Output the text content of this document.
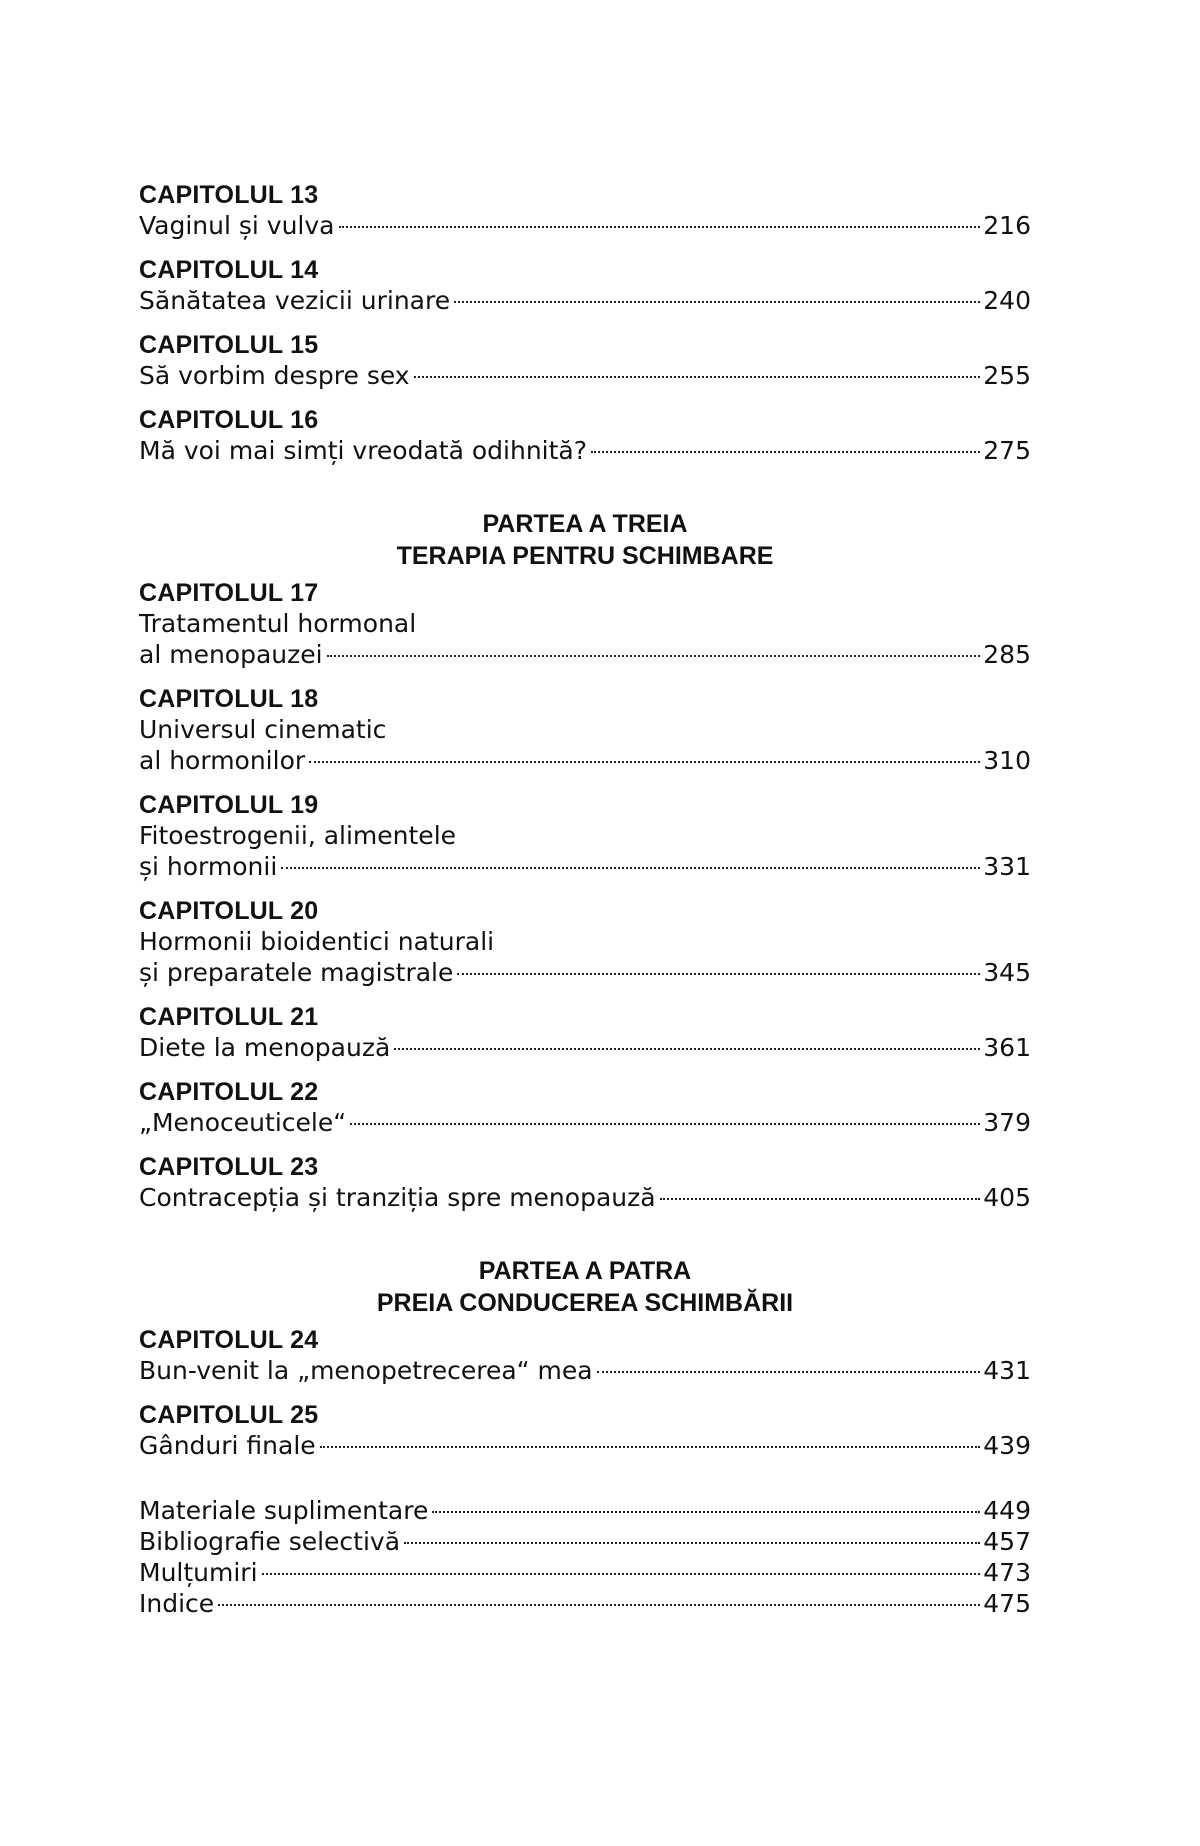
CAPITOLUL 13
Vaginul și vulva	216
CAPITOLUL 14
Sănătatea vezicii urinare	240
CAPITOLUL 15
Să vorbim despre sex	255
CAPITOLUL 16
Mă voi mai simți vreodată odihnită?	275
PARTEA A TREIA
TERAPIA PENTRU SCHIMBARE
CAPITOLUL 17
Tratamentul hormonal
al menopauzei	285
CAPITOLUL 18
Universul cinematic
al hormonilor	310
CAPITOLUL 19
Fitoestrogenii, alimentele
și hormonii	331
CAPITOLUL 20
Hormonii bioidentici naturali
și preparatele magistrale	345
CAPITOLUL 21
Diete la menopauză	361
CAPITOLUL 22
„Menoceuticele“	379
CAPITOLUL 23
Contracepția și tranziția spre menopauză	405
PARTEA A PATRA
PREIA CONDUCEREA SCHIMBĂRII
CAPITOLUL 24
Bun-venit la „menopetrecerea“ mea	431
CAPITOLUL 25
Gânduri finale	439
Materiale suplimentare	449
Bibliografie selectivă	457
Mulțumiri	473
Indice	475
